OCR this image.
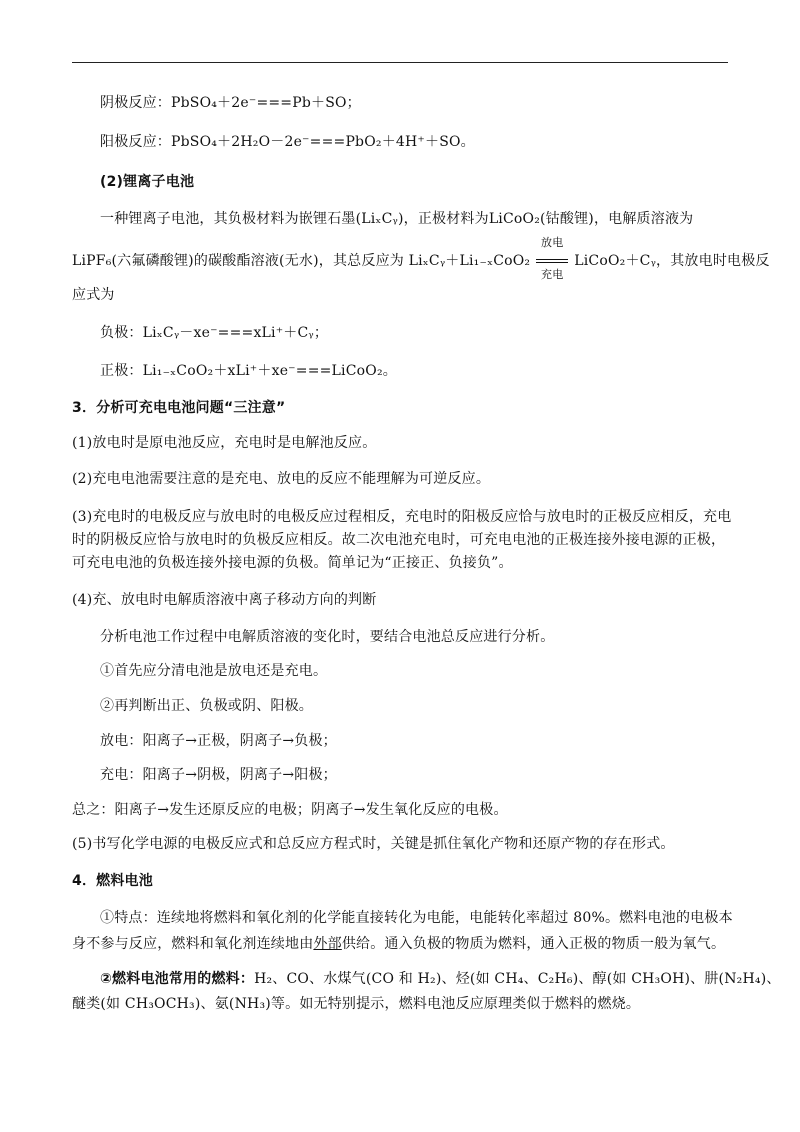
阴极反应：PbSO₄＋2e⁻===Pb＋SO；
阳极反应：PbSO₄＋2H₂O－2e⁻===PbO₂＋4H⁺＋SO。
(2)锂离子电池
一种锂离子电池，其负极材料为嵌锂石墨(LiₓCᵧ)，正极材料为LiCoO₂(钴酸锂)，电解质溶液为
LiPF₆(六氟磷酸锂)的碳酸酯溶液(无水)，其总反应为 LiₓCᵧ＋Li₁₋ₓCoO₂
放电
充电
LiCoO₂＋Cᵧ，其放电时电极反
应式为
负极：LiₓCᵧ－xe⁻===xLi⁺＋Cᵧ；
正极：Li₁₋ₓCoO₂＋xLi⁺＋xe⁻===LiCoO₂。
3．分析可充电电池问题“三注意”
(1)放电时是原电池反应，充电时是电解池反应。
(2)充电电池需要注意的是充电、放电的反应不能理解为可逆反应。
(3)充电时的电极反应与放电时的电极反应过程相反，充电时的阳极反应恰与放电时的正极反应相反，充电
时的阴极反应恰与放电时的负极反应相反。故二次电池充电时，可充电电池的正极连接外接电源的正极，
可充电电池的负极连接外接电源的负极。简单记为“正接正、负接负”。
(4)充、放电时电解质溶液中离子移动方向的判断
分析电池工作过程中电解质溶液的变化时，要结合电池总反应进行分析。
①首先应分清电池是放电还是充电。
②再判断出正、负极或阴、阳极。
放电：阳离子→正极，阴离子→负极；
充电：阳离子→阴极，阴离子→阳极；
总之：阳离子→发生还原反应的电极；阴离子→发生氧化反应的电极。
(5)书写化学电源的电极反应式和总反应方程式时，关键是抓住氧化产物和还原产物的存在形式。
4．燃料电池
①特点：连续地将燃料和氧化剂的化学能直接转化为电能，电能转化率超过 80%。燃料电池的电极本
身不参与反应，燃料和氧化剂连续地由外部供给。通入负极的物质为燃料，通入正极的物质一般为氧气。
②燃料电池常用的燃料：H₂、CO、水煤气(CO 和 H₂)、烃(如 CH₄、C₂H₆)、醇(如 CH₃OH)、肼(N₂H₄)、
醚类(如 CH₃OCH₃)、氨(NH₃)等。如无特别提示，燃料电池反应原理类似于燃料的燃烧。
